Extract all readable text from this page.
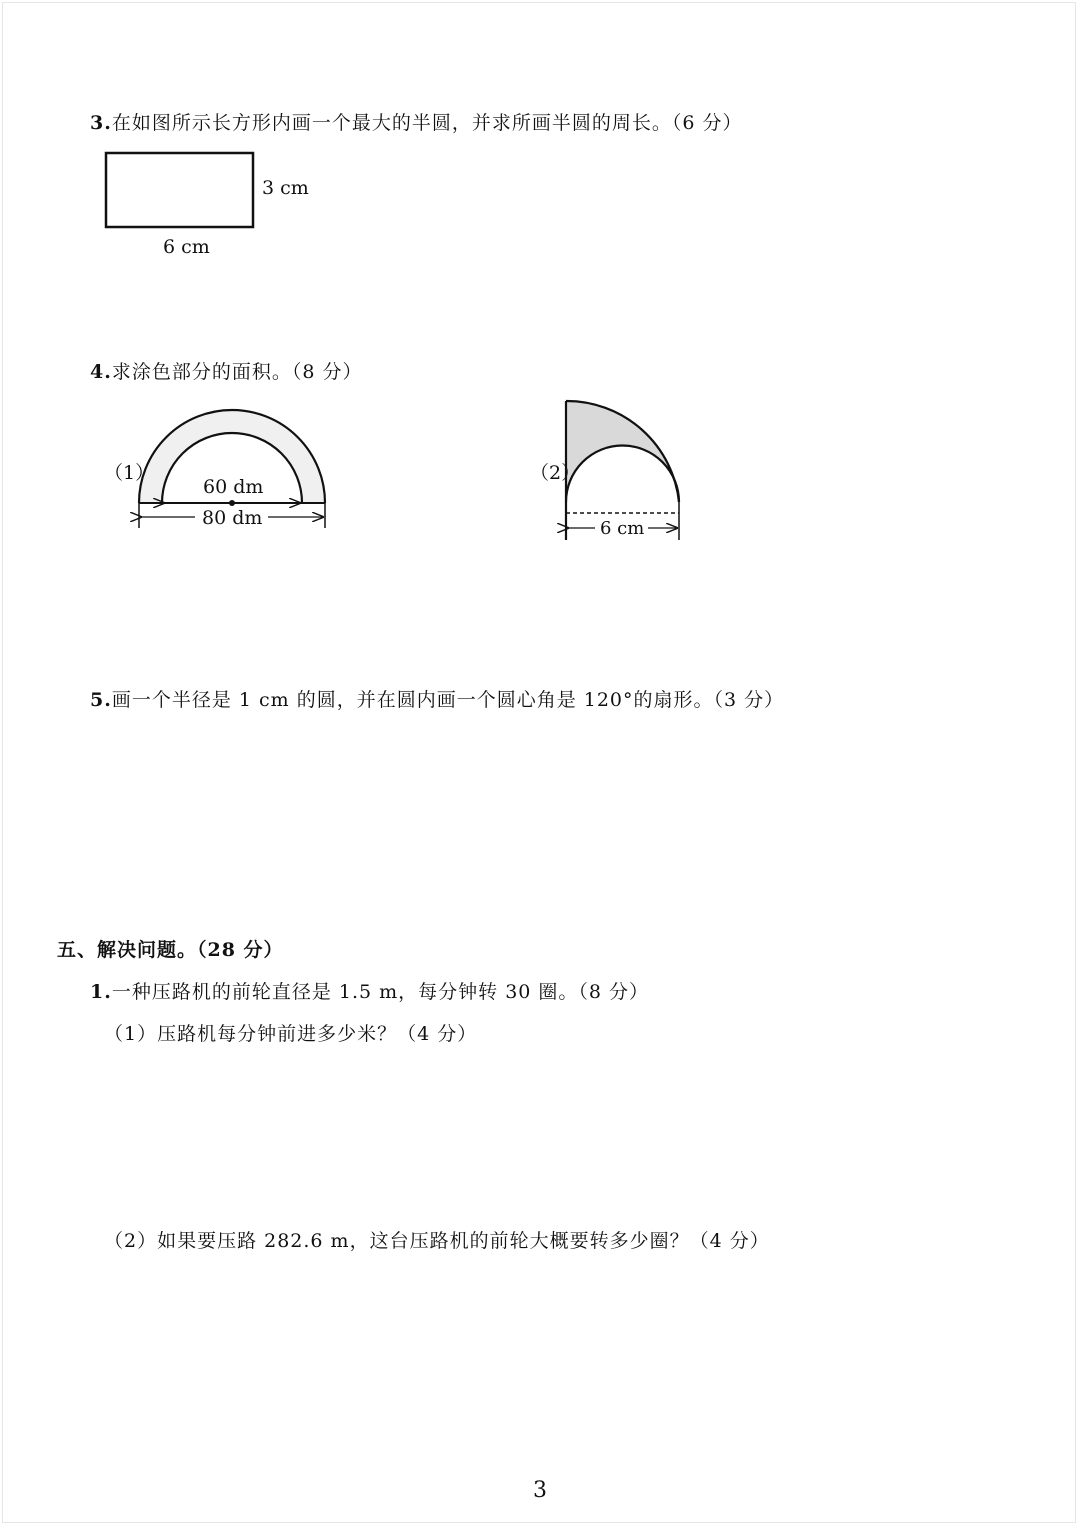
3.在如图所示长方形内画一个最大的半圆，并求所画半圆的周长。（6 分）
3 cm
6 cm
4.求涂色部分的面积。（8 分）
（1）
60 dm
80 dm
（2）
6 cm
5.画一个半径是 1 cm 的圆，并在圆内画一个圆心角是 120°的扇形。（3 分）
五、解决问题。（28 分）
1.一种压路机的前轮直径是 1.5 m，每分钟转 30 圈。（8 分）
（1）压路机每分钟前进多少米？（4 分）
（2）如果要压路 282.6 m，这台压路机的前轮大概要转多少圈？（4 分）
3
